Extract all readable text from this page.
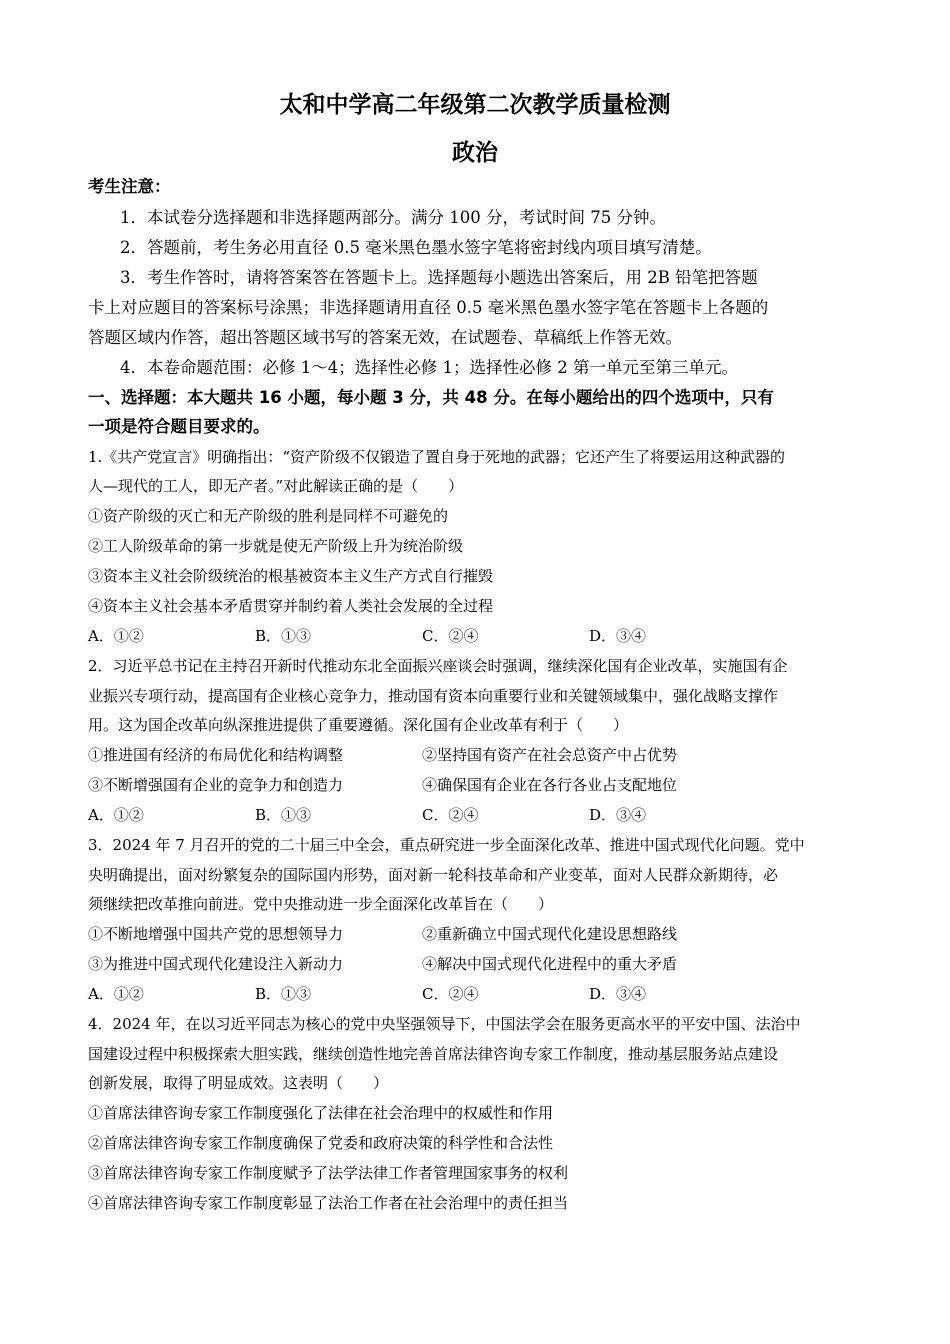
太和中学高二年级第二次教学质量检测
政治
考生注意：
1．本试卷分选择题和非选择题两部分。满分 100 分，考试时间 75 分钟。
2．答题前，考生务必用直径 0.5 毫米黑色墨水签字笔将密封线内项目填写清楚。
3．考生作答时，请将答案答在答题卡上。选择题每小题选出答案后，用 2B 铅笔把答题
卡上对应题目的答案标号涂黑；非选择题请用直径 0.5 毫米黑色墨水签字笔在答题卡上各题的
答题区域内作答，超出答题区域书写的答案无效，在试题卷、草稿纸上作答无效。
4．本卷命题范围：必修 1～4；选择性必修 1；选择性必修 2 第一单元至第三单元。
一、选择题：本大题共 16 小题，每小题 3 分，共 48 分。在每小题给出的四个选项中，只有
一项是符合题目要求的。
1.《共产党宣言》明确指出：“资产阶级不仅锻造了置自身于死地的武器；它还产生了将要运用这种武器的
人—现代的工人，即无产者。”对此解读正确的是（　　）
①资产阶级的灭亡和无产阶级的胜利是同样不可避免的
②工人阶级革命的第一步就是使无产阶级上升为统治阶级
③资本主义社会阶级统治的根基被资本主义生产方式自行摧毁
④资本主义社会基本矛盾贯穿并制约着人类社会发展的全过程
A．①②	B．①③	C．②④	D．③④
2．习近平总书记在主持召开新时代推动东北全面振兴座谈会时强调，继续深化国有企业改革，实施国有企
业振兴专项行动，提高国有企业核心竞争力，推动国有资本向重要行业和关键领域集中，强化战略支撑作
用。这为国企改革向纵深推进提供了重要遵循。深化国有企业改革有利于（　　）
①推进国有经济的布局优化和结构调整	②坚持国有资产在社会总资产中占优势
③不断增强国有企业的竞争力和创造力	④确保国有企业在各行各业占支配地位
A．①②	B．①③	C．②④	D．③④
3．2024 年 7 月召开的党的二十届三中全会，重点研究进一步全面深化改革、推进中国式现代化问题。党中
央明确提出，面对纷繁复杂的国际国内形势，面对新一轮科技革命和产业变革，面对人民群众新期待，必
须继续把改革推向前进。党中央推动进一步全面深化改革旨在（　　）
①不断地增强中国共产党的思想领导力	②重新确立中国式现代化建设思想路线
③为推进中国式现代化建设注入新动力	④解决中国式现代化进程中的重大矛盾
A．①②	B．①③	C．②④	D．③④
4．2024 年，在以习近平同志为核心的党中央坚强领导下，中国法学会在服务更高水平的平安中国、法治中
国建设过程中积极探索大胆实践，继续创造性地完善首席法律咨询专家工作制度，推动基层服务站点建设
创新发展，取得了明显成效。这表明（　　）
①首席法律咨询专家工作制度强化了法律在社会治理中的权威性和作用
②首席法律咨询专家工作制度确保了党委和政府决策的科学性和合法性
③首席法律咨询专家工作制度赋予了法学法律工作者管理国家事务的权利
④首席法律咨询专家工作制度彰显了法治工作者在社会治理中的责任担当
